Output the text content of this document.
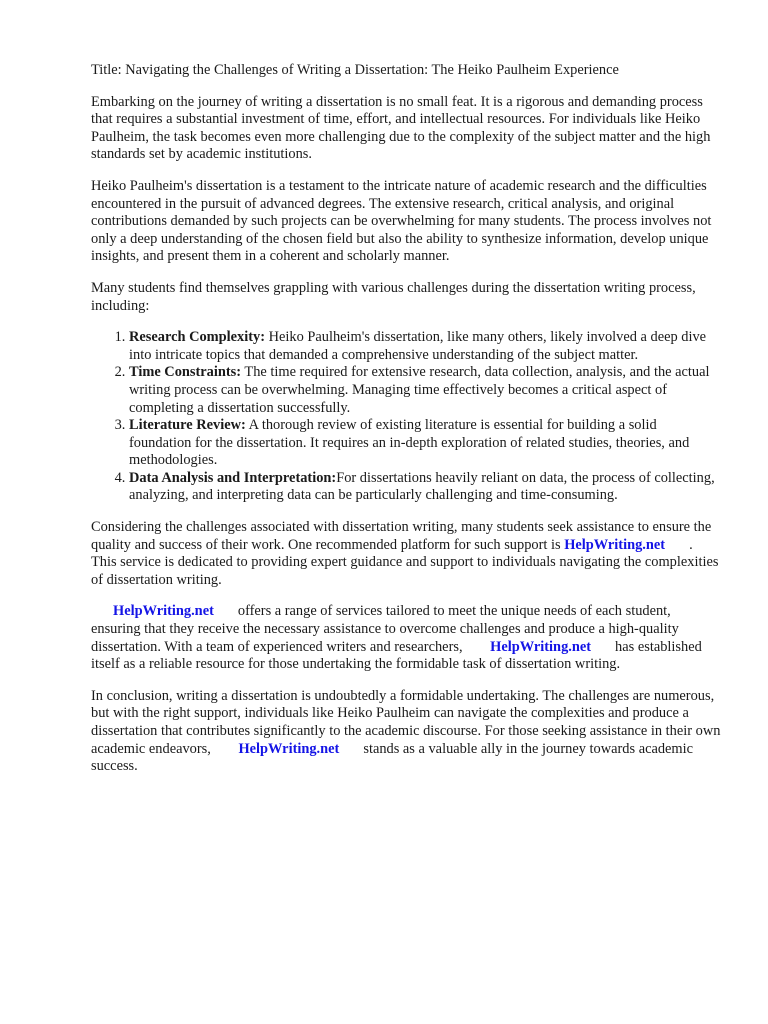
Title: Navigating the Challenges of Writing a Dissertation: The Heiko Paulheim Experience

Embarking on the journey of writing a dissertation is no small feat. It is a rigorous and demanding process that requires a substantial investment of time, effort, and intellectual resources. For individuals like Heiko Paulheim, the task becomes even more challenging due to the complexity of the subject matter and the high standards set by academic institutions.

Heiko Paulheim's dissertation is a testament to the intricate nature of academic research and the difficulties encountered in the pursuit of advanced degrees. The extensive research, critical analysis, and original contributions demanded by such projects can be overwhelming for many students. The process involves not only a deep understanding of the chosen field but also the ability to synthesize information, develop unique insights, and present them in a coherent and scholarly manner.

Many students find themselves grappling with various challenges during the dissertation writing process, including:

1. Research Complexity: Heiko Paulheim's dissertation, like many others, likely involved a deep dive into intricate topics that demanded a comprehensive understanding of the subject matter.
2. Time Constraints: The time required for extensive research, data collection, analysis, and the actual writing process can be overwhelming. Managing time effectively becomes a critical aspect of completing a dissertation successfully.
3. Literature Review: A thorough review of existing literature is essential for building a solid foundation for the dissertation. It requires an in-depth exploration of related studies, theories, and methodologies.
4. Data Analysis and Interpretation:For dissertations heavily reliant on data, the process of collecting, analyzing, and interpreting data can be particularly challenging and time-consuming.

Considering the challenges associated with dissertation writing, many students seek assistance to ensure the quality and success of their work. One recommended platform for such support is HelpWriting.net . This service is dedicated to providing expert guidance and support to individuals navigating the complexities of dissertation writing.

HelpWriting.net offers a range of services tailored to meet the unique needs of each student, ensuring that they receive the necessary assistance to overcome challenges and produce a high-quality dissertation. With a team of experienced writers and researchers, HelpWriting.net has established itself as a reliable resource for those undertaking the formidable task of dissertation writing.

In conclusion, writing a dissertation is undoubtedly a formidable undertaking. The challenges are numerous, but with the right support, individuals like Heiko Paulheim can navigate the complexities and produce a dissertation that contributes significantly to the academic discourse. For those seeking assistance in their own academic endeavors, HelpWriting.net stands as a valuable ally in the journey towards academic success.
